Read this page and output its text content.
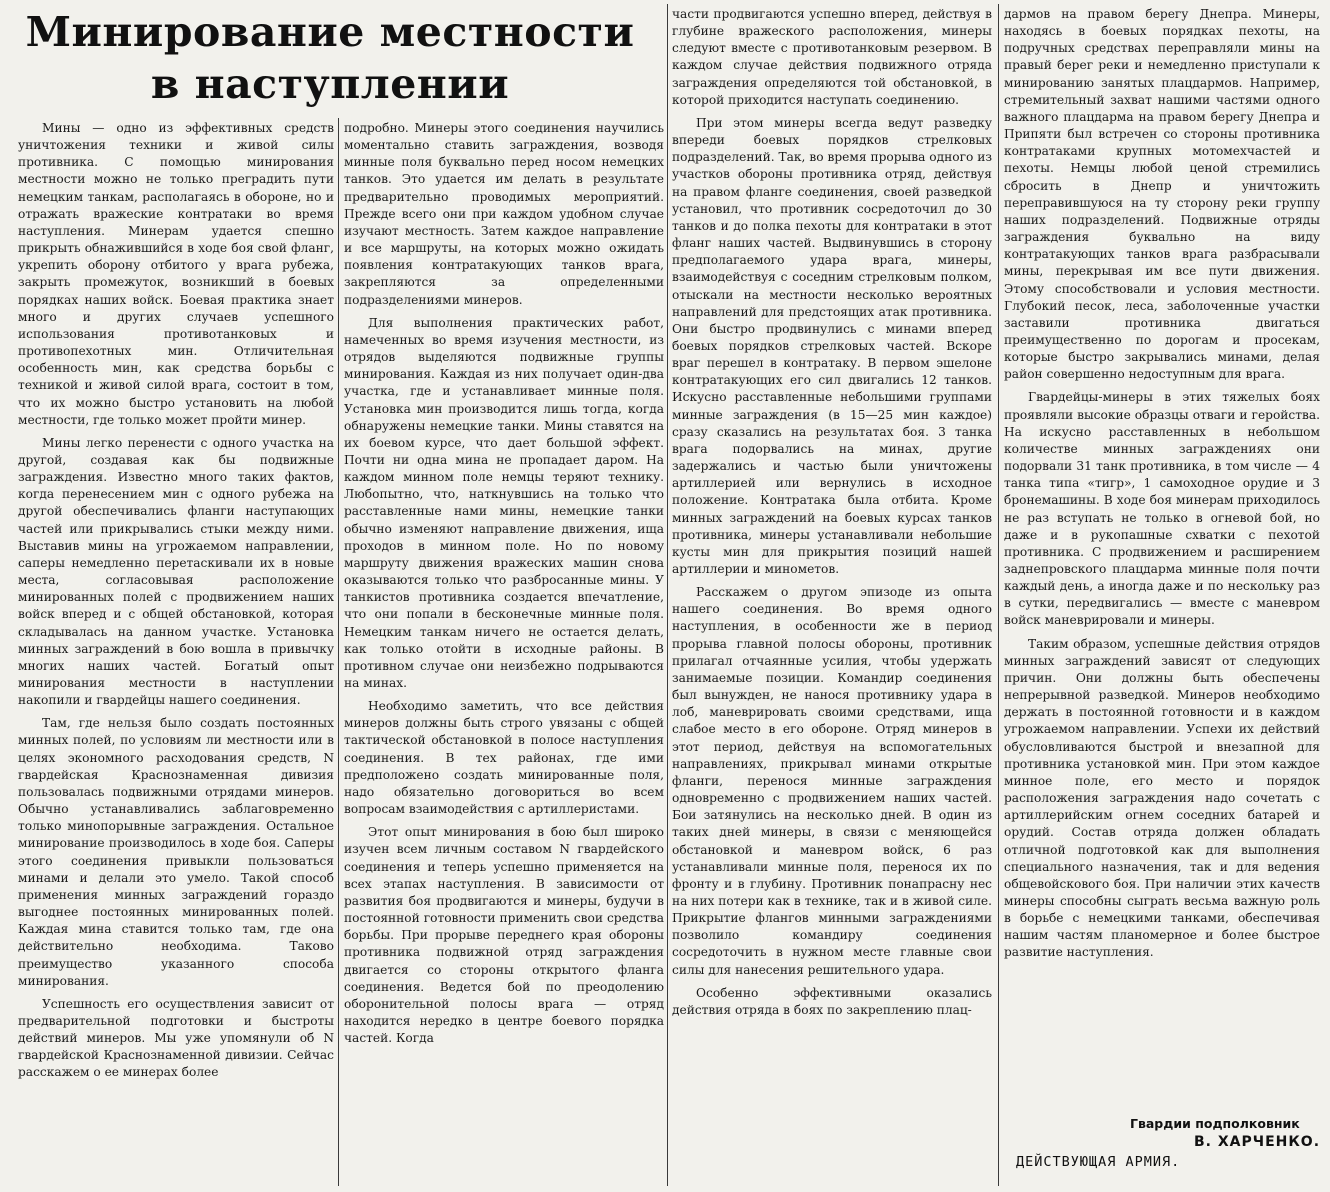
Минирование местности
в наступлении

Мины — одно из эффективных средств уничтожения техники и живой силы противника. С помощью минирования местности можно не только преградить пути немецким танкам, располагаясь в обороне, но и отражать вражеские контратаки во время наступления. Минерам удается спешно прикрыть обнажившийся в ходе боя свой фланг, укрепить оборону отбитого у врага рубежа, закрыть промежуток, возникший в боевых порядках наших войск. Боевая практика знает много и других случаев успешного использования противотанковых и противопехотных мин. Отличительная особенность мин, как средства борьбы с техникой и живой силой врага, состоит в том, что их можно быстро установить на любой местности, где только может пройти минер.

Мины легко перенести с одного участка на другой, создавая как бы подвижные заграждения. Известно много таких фактов, когда перенесением мин с одного рубежа на другой обеспечивались фланги наступающих частей или прикрывались стыки между ними. Выставив мины на угрожаемом направлении, саперы немедленно перетаскивали их в новые места, согласовывая расположение минированных полей с продвижением наших войск вперед и с общей обстановкой, которая складывалась на данном участке. Установка минных заграждений в бою вошла в привычку многих наших частей. Богатый опыт минирования местности в наступлении накопили и гвардейцы нашего соединения.

Там, где нельзя было создать постоянных минных полей, по условиям ли местности или в целях экономного расходования средств, N гвардейская Краснознаменная дивизия пользовалась подвижными отрядами минеров. Обычно устанавливались заблаговременно только минопорывные заграждения. Остальное минирование производилось в ходе боя. Саперы этого соединения привыкли пользоваться минами и делали это умело. Такой способ применения минных заграждений гораздо выгоднее постоянных минированных полей. Каждая мина ставится только там, где она действительно необходима. Таково преимущество указанного способа минирования.

Успешность его осуществления зависит от предварительной подготовки и быстроты действий минеров. Мы уже упомянули об N гвардейской Краснознаменной дивизии. Сейчас расскажем о ее минерах более

подробно. Минеры этого соединения научились моментально ставить заграждения, возводя минные поля буквально перед носом немецких танков. Это удается им делать в результате предварительно проводимых мероприятий. Прежде всего они при каждом удобном случае изучают местность. Затем каждое направление и все маршруты, на которых можно ожидать появления контратакующих танков врага, закрепляются за определенными подразделениями минеров.

Для выполнения практических работ, намеченных во время изучения местности, из отрядов выделяются подвижные группы минирования. Каждая из них получает один-два участка, где и устанавливает минные поля. Установка мин производится лишь тогда, когда обнаружены немецкие танки. Мины ставятся на их боевом курсе, что дает большой эффект. Почти ни одна мина не пропадает даром. На каждом минном поле немцы теряют технику. Любопытно, что, наткнувшись на только что расставленные нами мины, немецкие танки обычно изменяют направление движения, ища проходов в минном поле. Но по новому маршруту движения вражеских машин снова оказываются только что разбросанные мины. У танкистов противника создается впечатление, что они попали в бесконечные минные поля. Немецким танкам ничего не остается делать, как только отойти в исходные районы. В противном случае они неизбежно подрываются на минах.

Необходимо заметить, что все действия минеров должны быть строго увязаны с общей тактической обстановкой в полосе наступления соединения. В тех районах, где ими предположено создать минированные поля, надо обязательно договориться во всем вопросам взаимодействия с артиллеристами.

Этот опыт минирования в бою был широко изучен всем личным составом N гвардейского соединения и теперь успешно применяется на всех этапах наступления. В зависимости от развития боя продвигаются и минеры, будучи в постоянной готовности применить свои средства борьбы. При прорыве переднего края обороны противника подвижной отряд заграждения двигается со стороны открытого фланга соединения. Ведется бой по преодолению оборонительной полосы врага — отряд находится нередко в центре боевого порядка частей. Когда

части продвигаются успешно вперед, действуя в глубине вражеского расположения, минеры следуют вместе с противотанковым резервом. В каждом случае действия подвижного отряда заграждения определяются той обстановкой, в которой приходится наступать соединению.

При этом минеры всегда ведут разведку впереди боевых порядков стрелковых подразделений. Так, во время прорыва одного из участков обороны противника отряд, действуя на правом фланге соединения, своей разведкой установил, что противник сосредоточил до 30 танков и до полка пехоты для контратаки в этот фланг наших частей. Выдвинувшись в сторону предполагаемого удара врага, минеры, взаимодействуя с соседним стрелковым полком, отыскали на местности несколько вероятных направлений для предстоящих атак противника. Они быстро продвинулись с минами вперед боевых порядков стрелковых частей. Вскоре враг перешел в контратаку. В первом эшелоне контратакующих его сил двигались 12 танков. Искусно расставленные небольшими группами минные заграждения (в 15—25 мин каждое) сразу сказались на результатах боя. 3 танка врага подорвались на минах, другие задержались и частью были уничтожены артиллерией или вернулись в исходное положение. Контратака была отбита. Кроме минных заграждений на боевых курсах танков противника, минеры устанавливали небольшие кусты мин для прикрытия позиций нашей артиллерии и минометов.

Расскажем о другом эпизоде из опыта нашего соединения. Во время одного наступления, в особенности же в период прорыва главной полосы обороны, противник прилагал отчаянные усилия, чтобы удержать занимаемые позиции. Командир соединения был вынужден, не нанося противнику удара в лоб, маневрировать своими средствами, ища слабое место в его обороне. Отряд минеров в этот период, действуя на вспомогательных направлениях, прикрывал минами открытые фланги, перенося минные заграждения одновременно с продвижением наших частей. Бои затянулись на несколько дней. В один из таких дней минеры, в связи с меняющейся обстановкой и маневром войск, 6 раз устанавливали минные поля, перенося их по фронту и в глубину. Противник понапрасну нес на них потери как в технике, так и в живой силе. Прикрытие флангов минными заграждениями позволило командиру соединения сосредоточить в нужном месте главные свои силы для нанесения решительного удара.

Особенно эффективными оказались действия отряда в боях по закреплению плац-

дармов на правом берегу Днепра. Минеры, находясь в боевых порядках пехоты, на подручных средствах переправляли мины на правый берег реки и немедленно приступали к минированию занятых плацдармов. Например, стремительный захват нашими частями одного важного плацдарма на правом берегу Днепра и Припяти был встречен со стороны противника контратаками крупных мотомехчастей и пехоты. Немцы любой ценой стремились сбросить в Днепр и уничтожить переправившуюся на ту сторону реки группу наших подразделений. Подвижные отряды заграждения буквально на виду контратакующих танков врага разбрасывали мины, перекрывая им все пути движения. Этому способствовали и условия местности. Глубокий песок, леса, заболоченные участки заставили противника двигаться преимущественно по дорогам и просекам, которые быстро закрывались минами, делая район совершенно недоступным для врага.

Гвардейцы-минеры в этих тяжелых боях проявляли высокие образцы отваги и геройства. На искусно расставленных в небольшом количестве минных заграждениях они подорвали 31 танк противника, в том числе — 4 танка типа «тигр», 1 самоходное орудие и 3 бронемашины. В ходе боя минерам приходилось не раз вступать не только в огневой бой, но даже и в рукопашные схватки с пехотой противника. С продвижением и расширением заднепровского плацдарма минные поля почти каждый день, а иногда даже и по нескольку раз в сутки, передвигались — вместе с маневром войск маневрировали и минеры.

Таким образом, успешные действия отрядов минных заграждений зависят от следующих причин. Они должны быть обеспечены непрерывной разведкой. Минеров необходимо держать в постоянной готовности и в каждом угрожаемом направлении. Успехи их действий обусловливаются быстрой и внезапной для противника установкой мин. При этом каждое минное поле, его место и порядок расположения заграждения надо сочетать с артиллерийским огнем соседних батарей и орудий. Состав отряда должен обладать отличной подготовкой как для выполнения специального назначения, так и для ведения общевойскового боя. При наличии этих качеств минеры способны сыграть весьма важную роль в борьбе с немецкими танками, обеспечивая нашим частям планомерное и более быстрое развитие наступления.

Гвардии подполковник
В. ХАРЧЕНКО.
ДЕЙСТВУЮЩАЯ АРМИЯ.
